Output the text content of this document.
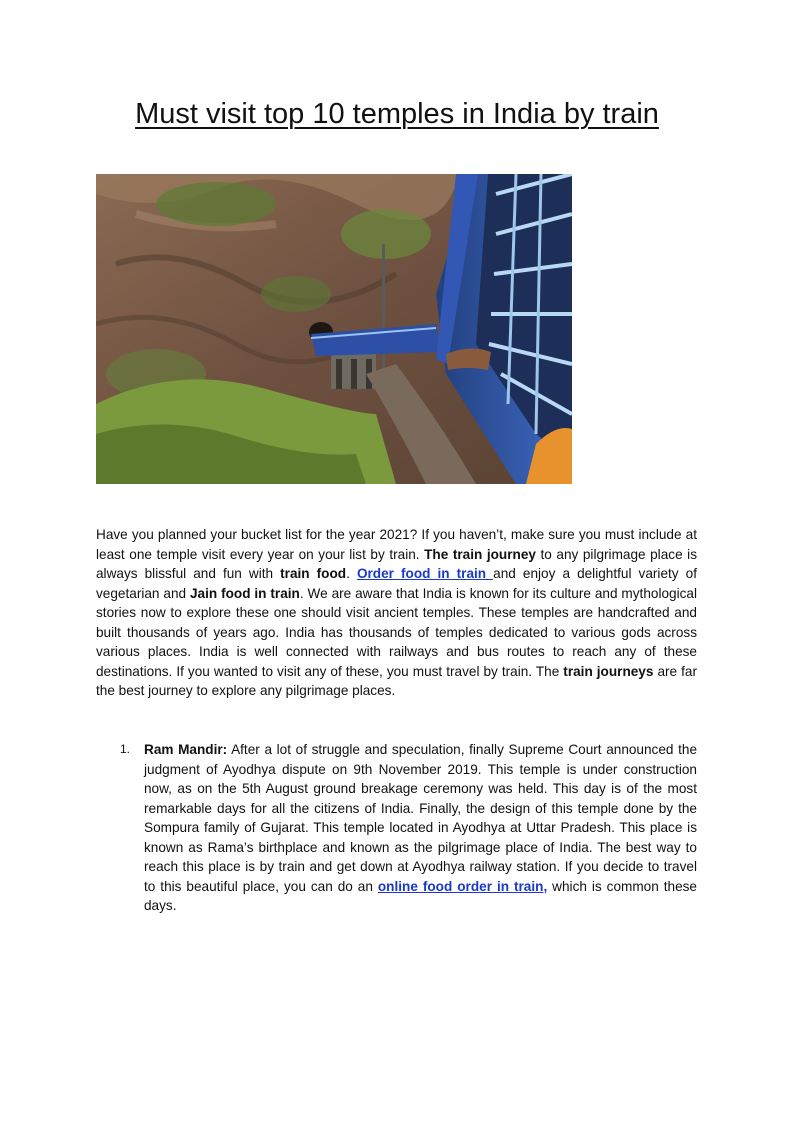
Must visit top 10 temples in India by train

Have you planned your bucket list for the year 2021? If you haven’t, make sure you must include at least one temple visit every year on your list by train. The train journey to any pilgrimage place is always blissful and fun with train food. Order food in train and enjoy a delightful variety of vegetarian and Jain food in train. We are aware that India is known for its culture and mythological stories now to explore these one should visit ancient temples. These temples are handcrafted and built thousands of years ago. India has thousands of temples dedicated to various gods across various places. India is well connected with railways and bus routes to reach any of these destinations. If you wanted to visit any of these, you must travel by train. The train journeys are far the best journey to explore any pilgrimage places.

1. Ram Mandir: After a lot of struggle and speculation, finally Supreme Court announced the judgment of Ayodhya dispute on 9th November 2019. This temple is under construction now, as on the 5th August ground breakage ceremony was held. This day is of the most remarkable days for all the citizens of India. Finally, the design of this temple done by the Sompura family of Gujarat. This temple located in Ayodhya at Uttar Pradesh. This place is known as Rama’s birthplace and known as the pilgrimage place of India. The best way to reach this place is by train and get down at Ayodhya railway station. If you decide to travel to this beautiful place, you can do an online food order in train, which is common these days.
